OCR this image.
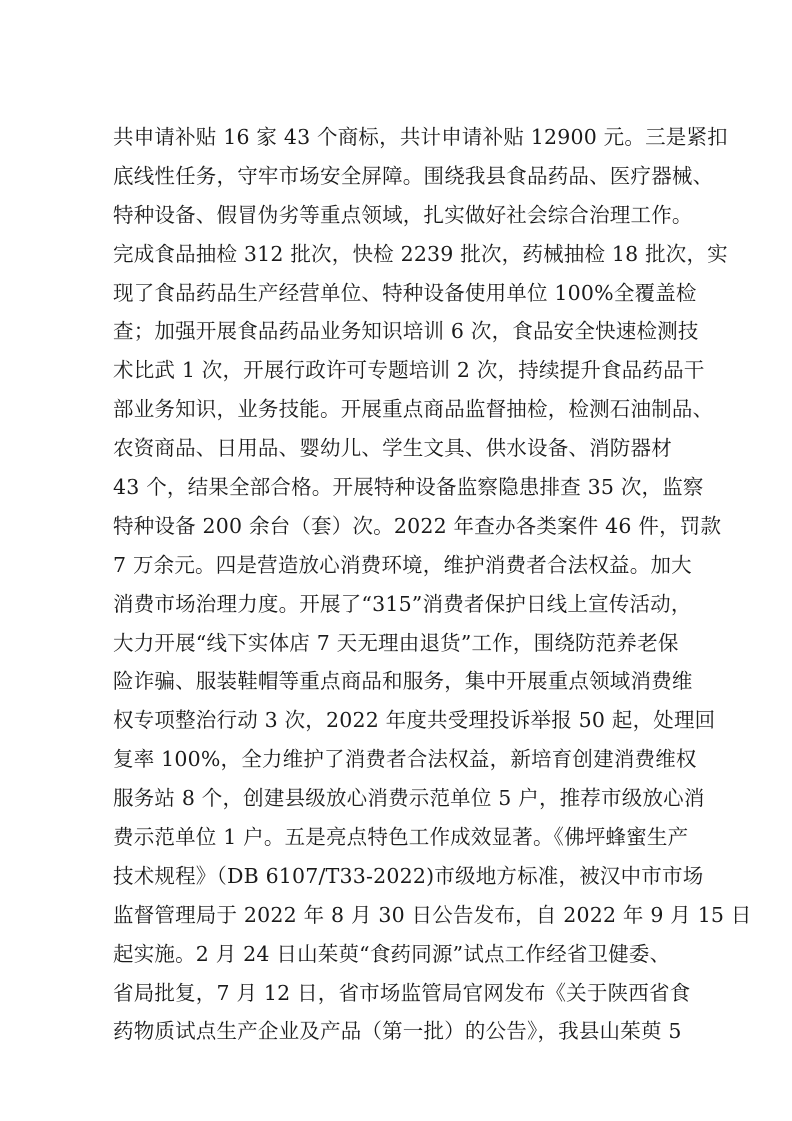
共申请补贴 16 家 43 个商标，共计申请补贴 12900 元。三是紧扣
底线性任务，守牢市场安全屏障。围绕我县食品药品、医疗器械、
特种设备、假冒伪劣等重点领域，扎实做好社会综合治理工作。
完成食品抽检 312 批次，快检 2239 批次，药械抽检 18 批次，实
现了食品药品生产经营单位、特种设备使用单位 100%全覆盖检
查；加强开展食品药品业务知识培训 6 次，食品安全快速检测技
术比武 1 次，开展行政许可专题培训 2 次，持续提升食品药品干
部业务知识，业务技能。开展重点商品监督抽检，检测石油制品、
农资商品、日用品、婴幼儿、学生文具、供水设备、消防器材
43 个，结果全部合格。开展特种设备监察隐患排查 35 次，监察
特种设备 200 余台（套）次。2022 年查办各类案件 46 件，罚款
7 万余元。四是营造放心消费环境，维护消费者合法权益。加大
消费市场治理力度。开展了“315”消费者保护日线上宣传活动，
大力开展“线下实体店 7 天无理由退货”工作，围绕防范养老保
险诈骗、服装鞋帽等重点商品和服务，集中开展重点领域消费维
权专项整治行动 3 次，2022 年度共受理投诉举报 50 起，处理回
复率 100%，全力维护了消费者合法权益，新培育创建消费维权
服务站 8 个，创建县级放心消费示范单位 5 户，推荐市级放心消
费示范单位 1 户。五是亮点特色工作成效显著。《佛坪蜂蜜生产
技术规程》（DB 6107/T33-2022)市级地方标准，被汉中市市场
监督管理局于 2022 年 8 月 30 日公告发布，自 2022 年 9 月 15 日
起实施。2 月 24 日山茱萸“食药同源”试点工作经省卫健委、
省局批复，7 月 12 日，省市场监管局官网发布《关于陕西省食
药物质试点生产企业及产品（第一批）的公告》，我县山茱萸 5
